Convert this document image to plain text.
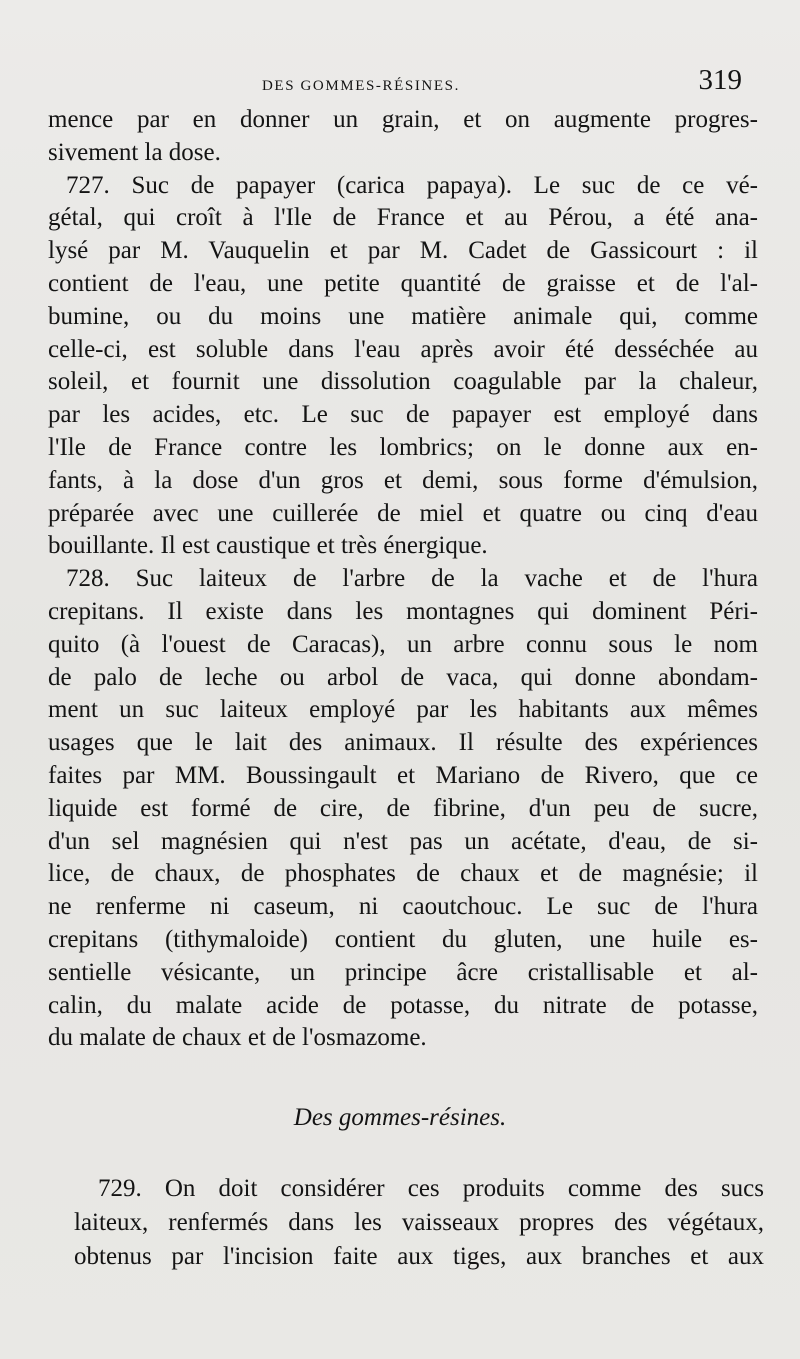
DES GOMMES-RÉSINES.	319
mence par en donner un grain, et on augmente progres-
sivement la dose.
727. Suc de papayer (carica papaya). Le suc de ce vé-
gétal, qui croît à l'Ile de France et au Pérou, a été ana-
lysé par M. Vauquelin et par M. Cadet de Gassicourt : il
contient de l'eau, une petite quantité de graisse et de l'al-
bumine, ou du moins une matière animale qui, comme
celle-ci, est soluble dans l'eau après avoir été desséchée au
soleil, et fournit une dissolution coagulable par la chaleur,
par les acides, etc. Le suc de papayer est employé dans
l'Ile de France contre les lombrics; on le donne aux en-
fants, à la dose d'un gros et demi, sous forme d'émulsion,
préparée avec une cuillerée de miel et quatre ou cinq d'eau
bouillante. Il est caustique et très énergique.
728. Suc laiteux de l'arbre de la vache et de l'hura
crepitans. Il existe dans les montagnes qui dominent Péri-
quito (à l'ouest de Caracas), un arbre connu sous le nom
de palo de leche ou arbol de vaca, qui donne abondam-
ment un suc laiteux employé par les habitants aux mêmes
usages que le lait des animaux. Il résulte des expériences
faites par MM. Boussingault et Mariano de Rivero, que ce
liquide est formé de cire, de fibrine, d'un peu de sucre,
d'un sel magnésien qui n'est pas un acétate, d'eau, de si-
lice, de chaux, de phosphates de chaux et de magnésie; il
ne renferme ni caseum, ni caoutchouc. Le suc de l'hura
crepitans (tithymaloide) contient du gluten, une huile es-
sentielle vésicante, un principe âcre cristallisable et al-
calin, du malate acide de potasse, du nitrate de potasse,
du malate de chaux et de l'osmazome.
Des gommes-résines.
729. On doit considérer ces produits comme des sucs
laiteux, renfermés dans les vaisseaux propres des végétaux,
obtenus par l'incision faite aux tiges, aux branches et aux
